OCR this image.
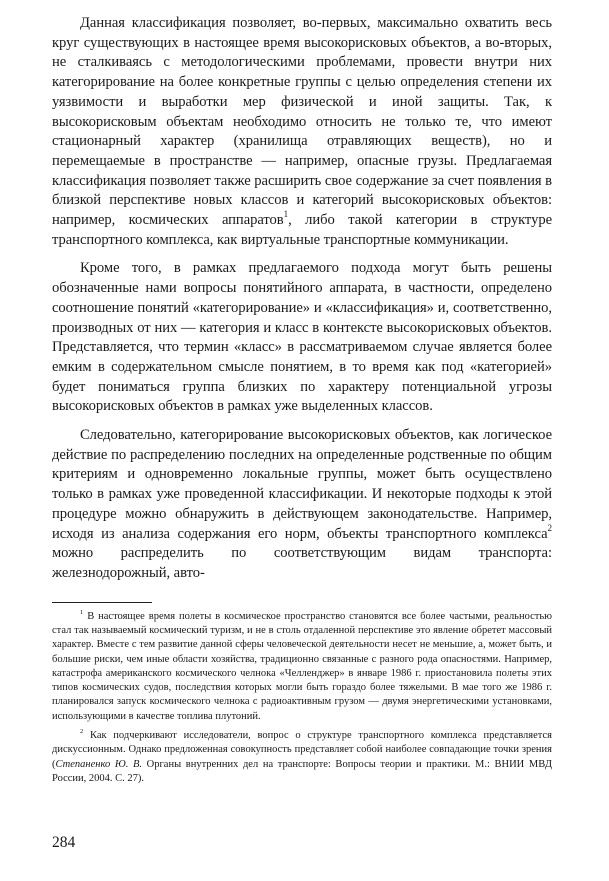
Данная классификация позволяет, во-первых, максимально охватить весь круг существующих в настоящее время высокорисковых объектов, а во-вторых, не сталкиваясь с методологическими проблемами, провести внутри них категорирование на более конкретные группы с целью определения степени их уязвимости и выработки мер физической и иной защиты. Так, к высокорисковым объектам необходимо относить не только те, что имеют стационарный характер (хранилища отравляющих веществ), но и перемещаемые в пространстве — например, опасные грузы. Предлагаемая классификация позволяет также расширить свое содержание за счет появления в близкой перспективе новых классов и категорий высокорисковых объектов: например, космических аппаратов$^1$, либо такой категории в структуре транспортного комплекса, как виртуальные транспортные коммуникации.

Кроме того, в рамках предлагаемого подхода могут быть решены обозначенные нами вопросы понятийного аппарата, в частности, определено соотношение понятий «категорирование» и «классификация» и, соответственно, производных от них — категория и класс в контексте высокорисковых объектов. Представляется, что термин «класс» в рассматриваемом случае является более емким в содержательном смысле понятием, в то время как под «категорией» будет пониматься группа близких по характеру потенциальной угрозы высокорисковых объектов в рамках уже выделенных классов.

Следовательно, категорирование высокорисковых объектов, как логическое действие по распределению последних на определенные родственные по общим критериям и одновременно локальные группы, может быть осуществлено только в рамках уже проведенной классификации. И некоторые подходы к этой процедуре можно обнаружить в действующем законодательстве. Например, исходя из анализа содержания его норм, объекты транспортного комплекса$^2$ можно распределить по соответствующим видам транспорта: железнодорожный, авто-

$^1$ В настоящее время полеты в космическое пространство становятся все более частыми, реальностью стал так называемый космический туризм, и не в столь отдаленной перспективе это явление обретет массовый характер. Вместе с тем развитие данной сферы человеческой деятельности несет не меньшие, а, может быть, и большие риски, чем иные области хозяйства, традиционно связанные с разного рода опасностями. Например, катастрофа американского космического челнока «Челленджер» в январе 1986 г. приостановила полеты этих типов космических судов, последствия которых могли быть гораздо более тяжелыми. В мае того же 1986 г. планировался запуск космического челнока с радиоактивным грузом — двумя энергетическими установками, использующими в качестве топлива плутоний.

$^2$ Как подчеркивают исследователи, вопрос о структуре транспортного комплекса представляется дискуссионным. Однако предложенная совокупность представляет собой наиболее совпадающие точки зрения (Степаненко Ю. В. Органы внутренних дел на транспорте: Вопросы теории и практики. М.: ВНИИ МВД России, 2004. С. 27).

284
